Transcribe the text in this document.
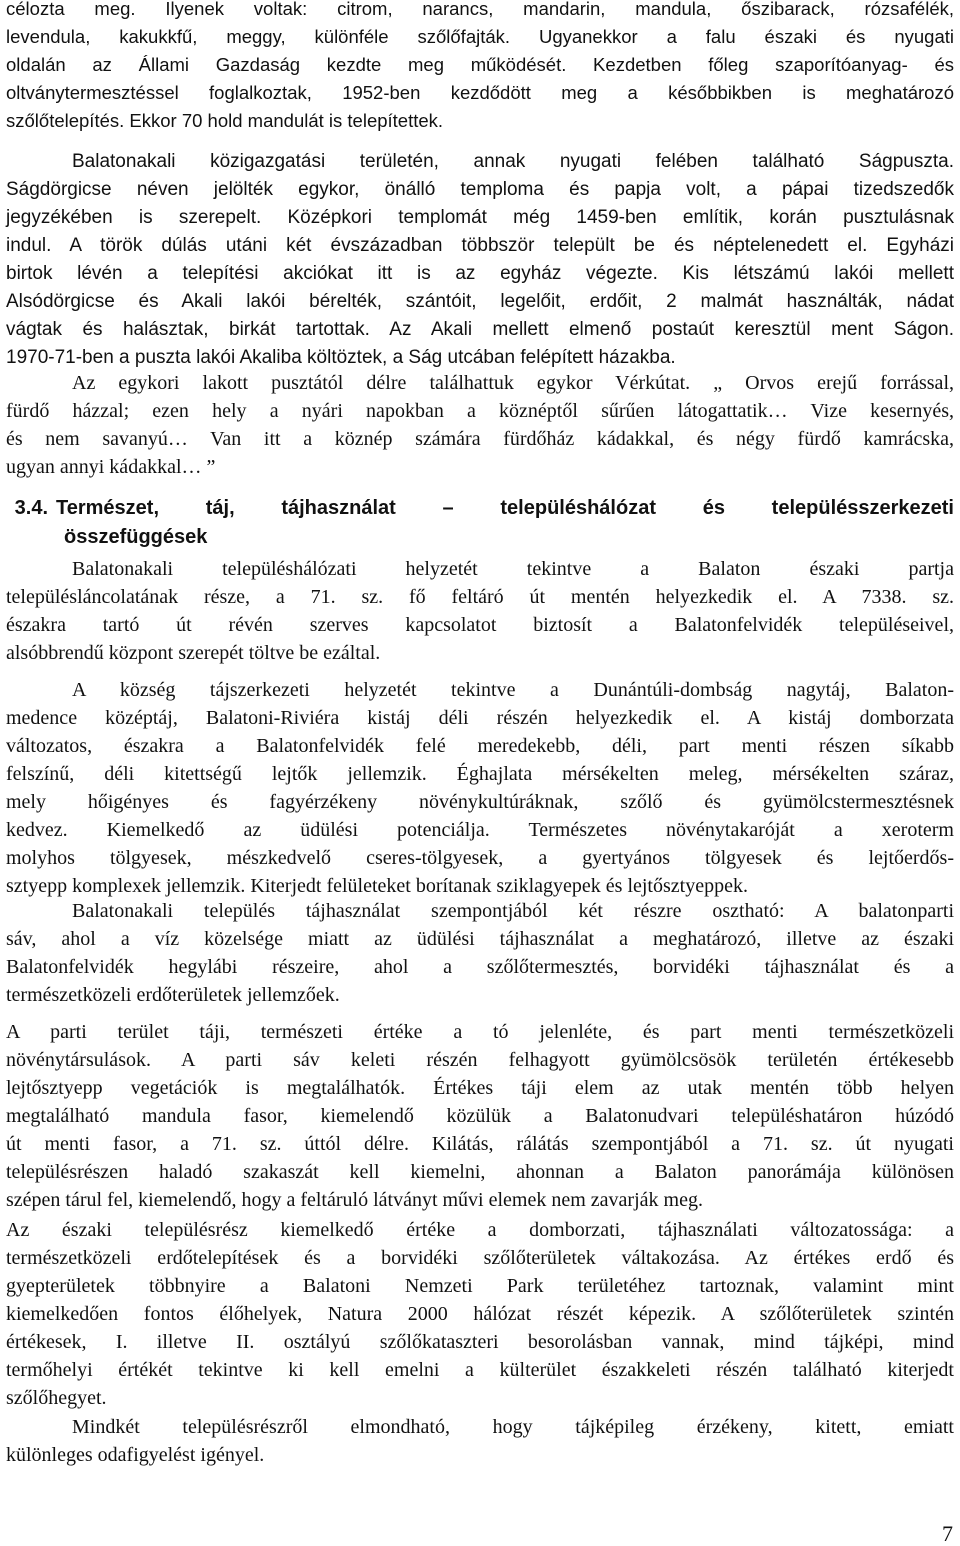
célozta meg. Ilyenek voltak: citrom, narancs, mandarin, mandula, őszibarack, rózsafélék,
levendula, kakukkfű, meggy, különféle szőlőfajták. Ugyanekkor a falu északi és nyugati
oldalán az Állami Gazdaság kezdte meg működését. Kezdetben főleg szaporítóanyag- és
oltványtermesztéssel foglalkoztak, 1952-ben kezdődött meg a későbbikben is meghatározó
szőlőtelepítés. Ekkor 70 hold mandulát is telepítettek.
Balatonakali közigazgatási területén, annak nyugati felében található Ságpuszta.
Ságdörgicse néven jelölték egykor, önálló temploma és papja volt, a pápai tizedszedők
jegyzékében is szerepelt. Középkori templomát még 1459-ben említik, korán pusztulásnak
indul. A török dúlás utáni két évszázadban többször települt be és néptelenedett el. Egyházi
birtok lévén a telepítési akciókat itt is az egyház végezte. Kis létszámú lakói mellett
Alsódörgicse és Akali lakói bérelték, szántóit, legelőit, erdőit, 2 malmát használták, nádat
vágtak és halásztak, birkát tartottak. Az Akali mellett elmenő postaút keresztül ment Ságon.
1970-71-ben a puszta lakói Akaliba költöztek, a Ság utcában felépített házakba.
Az egykori lakott pusztától délre találhattuk egykor Vérkútat. „ Orvos erejű forrással,
fürdő házzal; ezen hely a nyári napokban a köznéptől sűrűen látogattatik… Vize kesernyés,
és nem savanyú… Van itt a köznép számára fürdőház kádakkal, és négy fürdő kamrácska,
ugyan annyi kádakkal… ”
3.4. Természet, táj, tájhasználat – településhálózat és településszerkezeti
összefüggések
Balatonakali településhálózati helyzetét tekintve a Balaton északi partja
településláncolatának része, a 71. sz. fő feltáró út mentén helyezkedik el. A 7338. sz.
északra tartó út révén szerves kapcsolatot biztosít a Balatonfelvidék településeivel,
alsóbbrendű központ szerepét töltve be ezáltal.
A község tájszerkezeti helyzetét tekintve a Dunántúli-dombság nagytáj, Balaton-
medence középtáj, Balatoni-Riviéra kistáj déli részén helyezkedik el. A kistáj domborzata
változatos, északra a Balatonfelvidék felé meredekebb, déli, part menti részen síkabb
felszínű, déli kitettségű lejtők jellemzik. Éghajlata mérsékelten meleg, mérsékelten száraz,
mely hőigényes és fagyérzékeny növénykultúráknak, szőlő és gyümölcstermesztésnek
kedvez. Kiemelkedő az üdülési potenciálja. Természetes növénytakaróját a xeroterm
molyhos tölgyesek, mészkedvelő cseres-tölgyesek, a gyertyános tölgyesek és lejtőerdős-
sztyepp komplexek jellemzik. Kiterjedt felületeket borítanak sziklagyepek és lejtősztyeppek.
Balatonakali település tájhasználat szempontjából két részre osztható: A balatonparti
sáv, ahol a víz közelsége miatt az üdülési tájhasználat a meghatározó, illetve az északi
Balatonfelvidék hegylábi részeire, ahol a szőlőtermesztés, borvidéki tájhasználat és a
természetközeli erdőterületek jellemzőek.
A parti terület táji, természeti értéke a tó jelenléte, és part menti természetközeli
növénytársulások. A parti sáv keleti részén felhagyott gyümölcsösök területén értékesebb
lejtősztyepp vegetációk is megtalálhatók. Értékes táji elem az utak mentén több helyen
megtalálható mandula fasor, kiemelendő közülük a Balatonudvari településhatáron húzódó
út menti fasor, a 71. sz. úttól délre. Kilátás, rálátás szempontjából a 71. sz. út nyugati
településrészen haladó szakaszát kell kiemelni, ahonnan a Balaton panorámája különösen
szépen tárul fel, kiemelendő, hogy a feltáruló látványt művi elemek nem zavarják meg.
Az északi településrész kiemelkedő értéke a domborzati, tájhasználati változatossága: a
természetközeli erdőtelepítések és a borvidéki szőlőterületek váltakozása. Az értékes erdő és
gyepterületek többnyire a Balatoni Nemzeti Park területéhez tartoznak, valamint mint
kiemelkedően fontos élőhelyek, Natura 2000 hálózat részét képezik. A szőlőterületek szintén
értékesek, I. illetve II. osztályú szőlőkataszteri besorolásban vannak, mind tájképi, mind
termőhelyi értékét tekintve ki kell emelni a külterület északkeleti részén található kiterjedt
szőlőhegyet.
Mindkét településrészről elmondható, hogy tájképileg érzékeny, kitett, emiatt
különleges odafigyelést igényel.
7
